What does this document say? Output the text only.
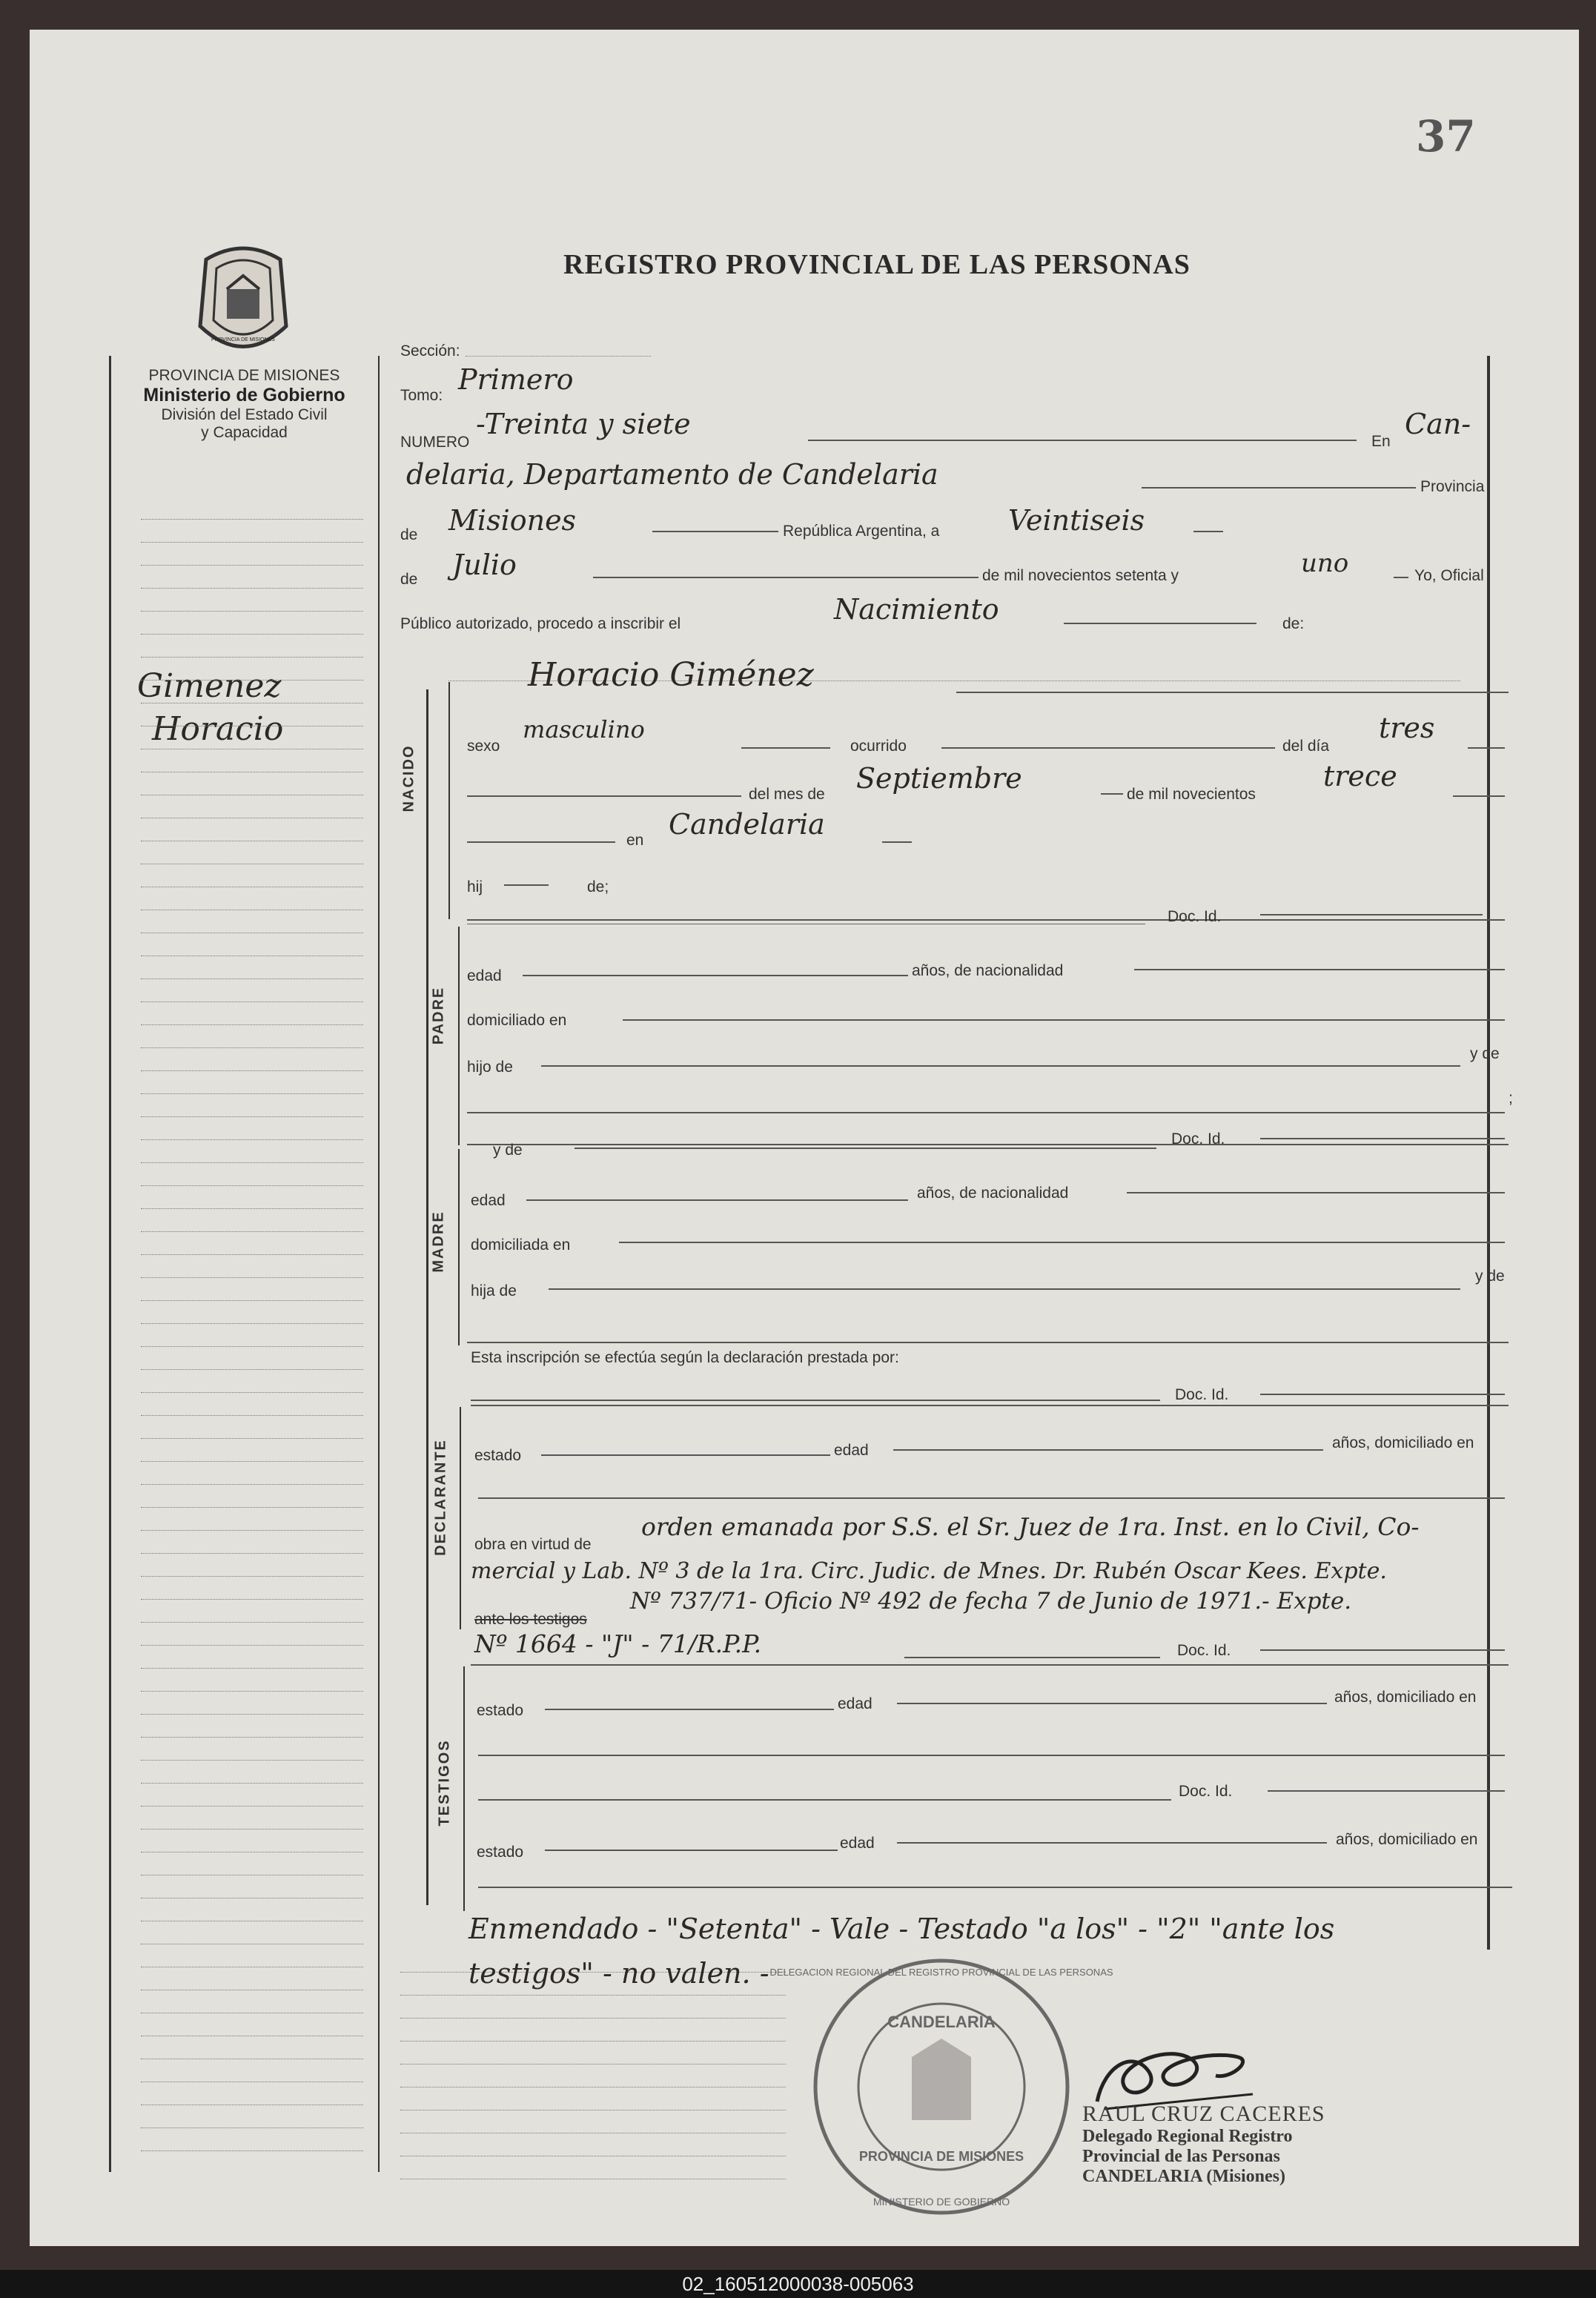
37
REGISTRO PROVINCIAL DE LAS PERSONAS
PROVINCIA DE MISIONES
PROVINCIA DE MISIONES
Ministerio de Gobierno
División del Estado Civil
y Capacidad
Gimenez
Horacio
Sección:
Tomo: Primero
NUMERO
-Treinta y siete
En
Can-
delaria, Departamento de Candelaria	Provincia
de Misiones	República Argentina, a Veintiseis
de Julio	de mil novecientos setenta y	uno	Yo, Oficial
Público autorizado, procedo a inscribir el	Nacimiento	de:
NACIDO
Horacio Giménez
sexo
masculino
ocurrido	del día
tres
del mes de Septiembre	de mil novecientos
trece
en Candelaria
hij	de;
Doc. Id.
PADRE
edad	años, de nacionalidad
domiciliado en
hijo de
y de
;
y de
Doc. Id.
MADRE
edad	años, de nacionalidad
domiciliada en
hija de
y de
Esta inscripción se efectúa según la declaración prestada por:
Doc. Id.
DECLARANTE estado	edad	años, domiciliado en
obra en virtud de
orden emanada por S.S. el Sr. Juez de 1ra. Inst. en lo Civil, Co-
mercial y Lab. Nº 3 de la 1ra. Circ. Judic. de Mnes. Dr. Rubén Oscar Kees. Expte.
ante los testigos
Nº 737/71- Oficio Nº 492 de fecha 7 de Junio de 1971.- Expte.
Nº 1664 - "J" - 71/R.P.P.	Doc. Id.
TESTIGOS
estado	edad	años, domiciliado en
Doc. Id.
estado
edad	años, domiciliado en
Enmendado - "Setenta" - Vale - Testado "a los" - "2" "ante los
testigos" - no valen. -
CANDELARIA
PROVINCIA DE MISIONES
DELEGACION REGIONAL DEL REGISTRO PROVINCIAL DE LAS PERSONAS
MINISTERIO DE GOBIERNO
RAUL CRUZ CACERES
Delegado Regional Registro
Provincial de las Personas
CANDELARIA (Misiones)
02_160512000038-005063
